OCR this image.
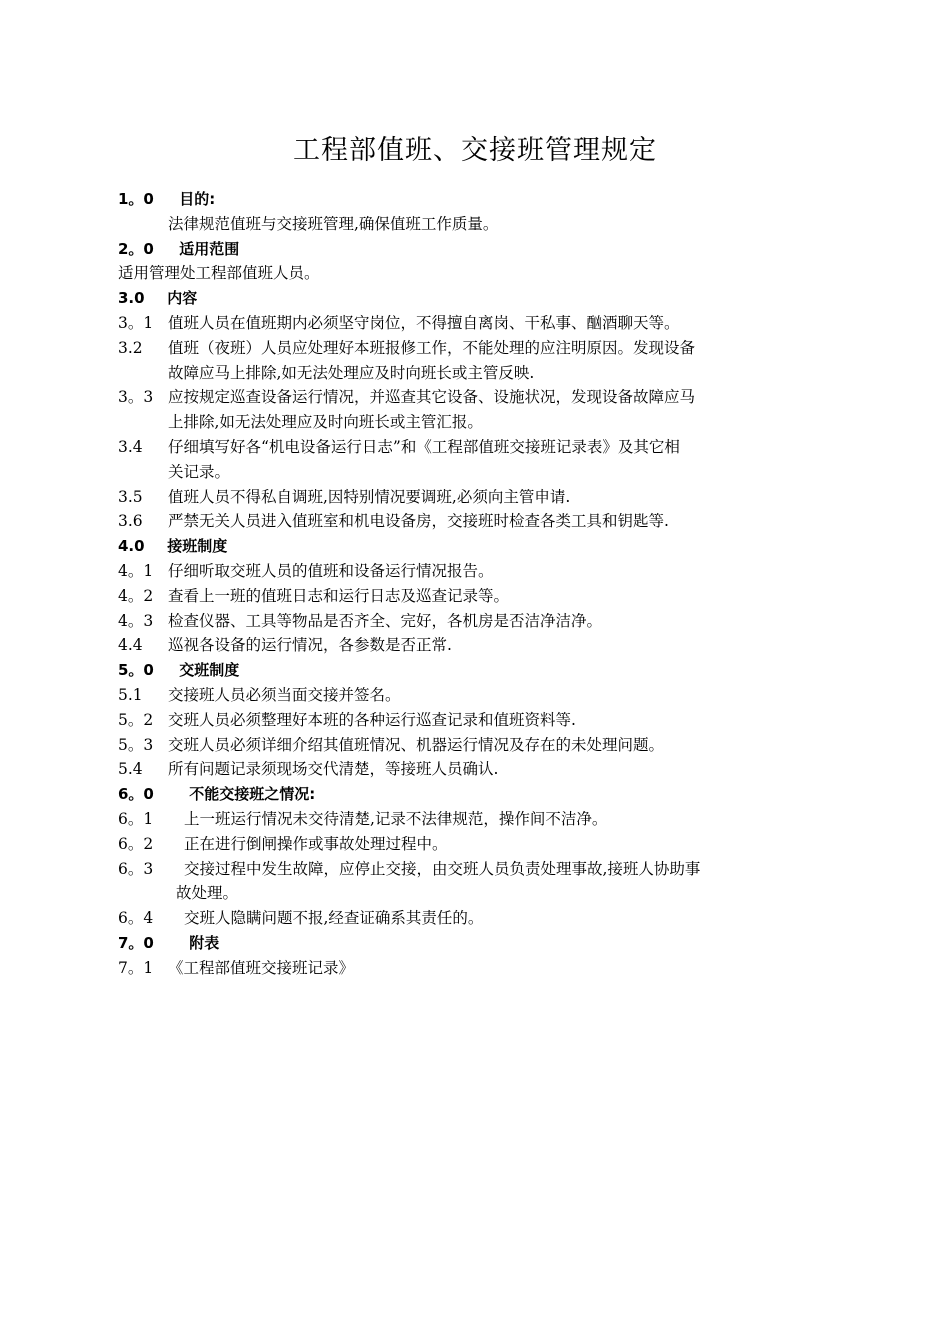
工程部值班、交接班管理规定
1。0 目的:
法律规范值班与交接班管理,确保值班工作质量。
2。0 适用范围
适用管理处工程部值班人员。
3.0 内容
3。1 值班人员在值班期内必须坚守岗位，不得擅自离岗、干私事、酗酒聊天等。
3.2 值班（夜班）人员应处理好本班报修工作，不能处理的应注明原因。发现设备
故障应马上排除,如无法处理应及时向班长或主管反映.
3。3 应按规定巡查设备运行情况，并巡查其它设备、设施状况，发现设备故障应马
上排除,如无法处理应及时向班长或主管汇报。
3.4 仔细填写好各“机电设备运行日志”和《工程部值班交接班记录表》及其它相
关记录。
3.5 值班人员不得私自调班,因特别情况要调班,必须向主管申请.
3.6 严禁无关人员进入值班室和机电设备房，交接班时检查各类工具和钥匙等.
4.0 接班制度
4。1 仔细听取交班人员的值班和设备运行情况报告。
4。2 查看上一班的值班日志和运行日志及巡查记录等。
4。3 检查仪器、工具等物品是否齐全、完好，各机房是否洁净洁净。
4.4 巡视各设备的运行情况，各参数是否正常.
5。0 交班制度
5.1 交接班人员必须当面交接并签名。
5。2 交班人员必须整理好本班的各种运行巡查记录和值班资料等.
5。3 交班人员必须详细介绍其值班情况、机器运行情况及存在的未处理问题。
5.4 所有问题记录须现场交代清楚，等接班人员确认.
6。0 不能交接班之情况:
6。1 上一班运行情况未交待清楚,记录不法律规范，操作间不洁净。
6。2 正在进行倒闸操作或事故处理过程中。
6。3 交接过程中发生故障，应停止交接，由交班人员负责处理事故,接班人协助事
故处理。
6。4 交班人隐瞒问题不报,经查证确系其责任的。
7。0 附表
7。1 《工程部值班交接班记录》
